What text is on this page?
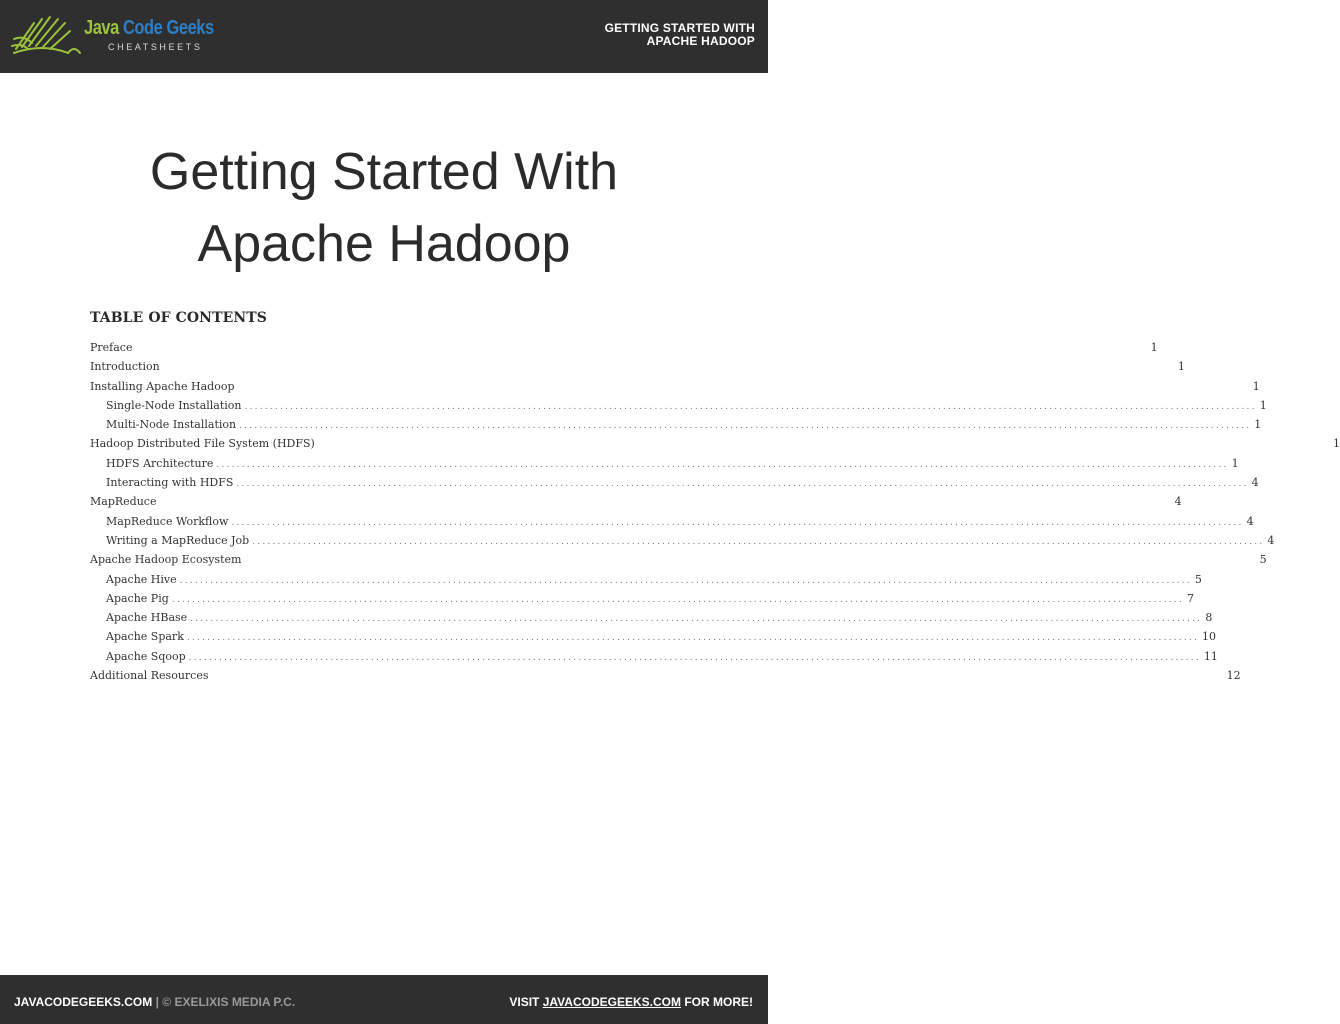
Java Code Geeks
CHEATSHEETS
GETTING STARTED WITH
APACHE HADOOP
Getting Started With
Apache Hadoop
TABLE OF CONTENTS
Preface	1
Introduction	1
Installing Apache Hadoop	1
Single-Node Installation ........................................................................................................................................................................................................ 1
Multi-Node Installation ........................................................................................................................................................................................................ 1
Hadoop Distributed File System (HDFS)	1
HDFS Architecture ........................................................................................................................................................................................................ 1
Interacting with HDFS ........................................................................................................................................................................................................ 4
MapReduce	4
MapReduce Workflow ........................................................................................................................................................................................................ 4
Writing a MapReduce Job ........................................................................................................................................................................................................ 4
Apache Hadoop Ecosystem	5
Apache Hive ........................................................................................................................................................................................................ 5
Apache Pig ........................................................................................................................................................................................................ 7
Apache HBase ........................................................................................................................................................................................................ 8
Apache Spark ........................................................................................................................................................................................................ 10
Apache Sqoop ........................................................................................................................................................................................................ 11
Additional Resources	12
JAVACODEGEEKS.COM | © EXELIXIS MEDIA P.C.	VISIT JAVACODEGEEKS.COM FOR MORE!
